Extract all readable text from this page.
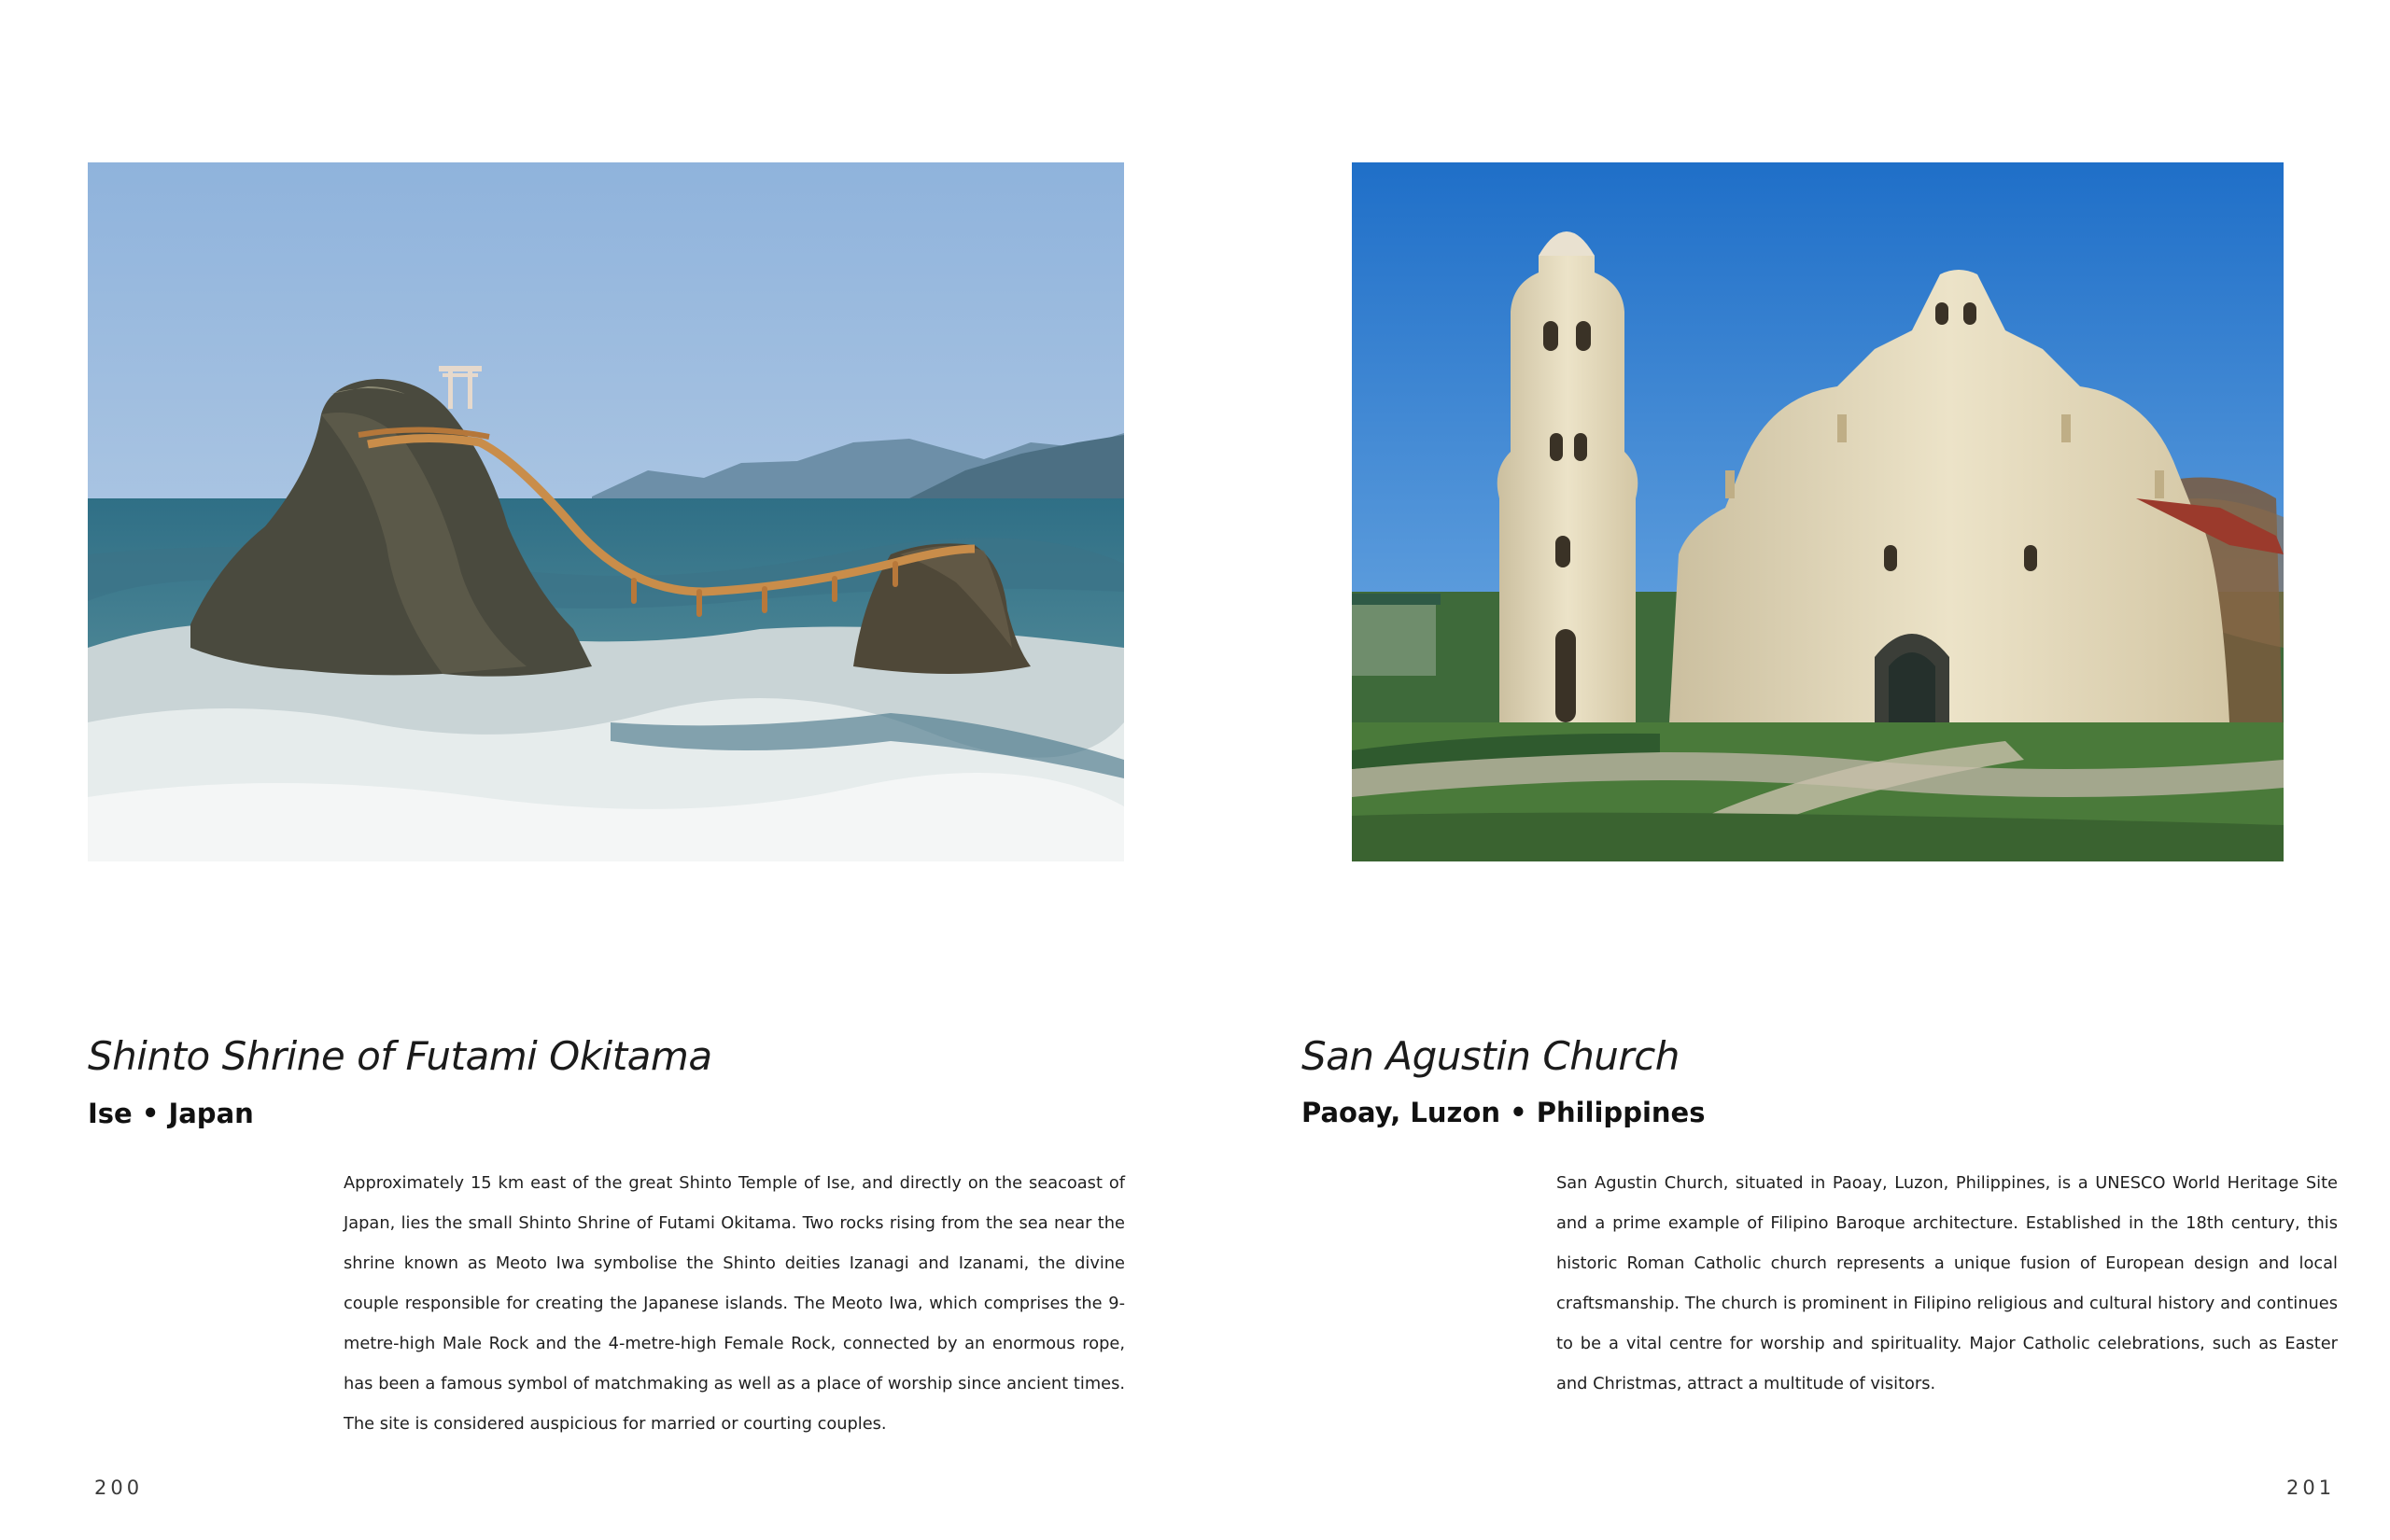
Shinto Shrine of Futami Okitama
Ise • Japan

Approximately 15 km east of the great Shinto Temple of Ise, and directly on the seacoast of Japan, lies the small Shinto Shrine of Futami Okitama. Two rocks rising from the sea near the shrine known as Meoto Iwa symbolise the Shinto deities Izanagi and Izanami, the divine couple responsible for creating the Japanese islands. The Meoto Iwa, which comprises the 9-metre-high Male Rock and the 4-metre-high Female Rock, connected by an enormous rope, has been a famous symbol of matchmaking as well as a place of worship since ancient times. The site is considered auspicious for married or courting couples.

200
San Agustin Church
Paoay, Luzon • Philippines

San Agustin Church, situated in Paoay, Luzon, Philippines, is a UNESCO World Heritage Site and a prime example of Filipino Baroque architecture. Established in the 18th century, this historic Roman Catholic church represents a unique fusion of European design and local craftsmanship. The church is prominent in Filipino religious and cultural history and continues to be a vital centre for worship and spirituality. Major Catholic celebrations, such as Easter and Christmas, attract a multitude of visitors.

201
